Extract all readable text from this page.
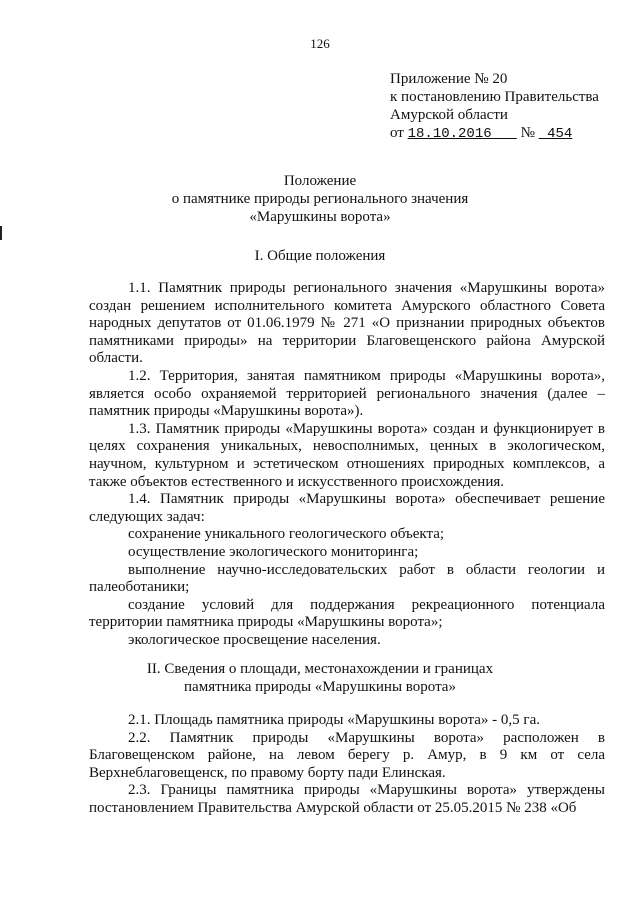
126
Приложение № 20
к постановлению Правительства
Амурской области
от 18.10.2016 № 454
Положение
о памятнике природы регионального значения
«Марушкины ворота»
I. Общие положения

1.1. Памятник природы регионального значения «Марушкины ворота» создан решением исполнительного комитета Амурского областного Совета народных депутатов от 01.06.1979 № 271 «О признании природных объектов памятниками природы» на территории Благовещенского района Амурской области.

1.2. Территория, занятая памятником природы «Марушкины ворота», является особо охраняемой территорией регионального значения (далее – памятник природы «Марушкины ворота»).

1.3. Памятник природы «Марушкины ворота» создан и функционирует в целях сохранения уникальных, невосполнимых, ценных в экологическом, научном, культурном и эстетическом отношениях природных комплексов, а также объектов естественного и искусственного происхождения.

1.4. Памятник природы «Марушкины ворота» обеспечивает решение следующих задач:

сохранение уникального геологического объекта;

осуществление экологического мониторинга;

выполнение научно-исследовательских работ в области геологии и палеоботаники;

создание условий для поддержания рекреационного потенциала территории памятника природы «Марушкины ворота»;

экологическое просвещение населения.

II. Сведения о площади, местонахождении и границах
памятника природы «Марушкины ворота»

2.1. Площадь памятника природы «Марушкины ворота» - 0,5 га.

2.2. Памятник природы «Марушкины ворота» расположен в Благовещенском районе, на левом берегу р. Амур, в 9 км от села Верхнеблаговещенск, по правому борту пади Елинская.

2.3. Границы памятника природы «Марушкины ворота» утверждены постановлением Правительства Амурской области от 25.05.2015 № 238 «Об
